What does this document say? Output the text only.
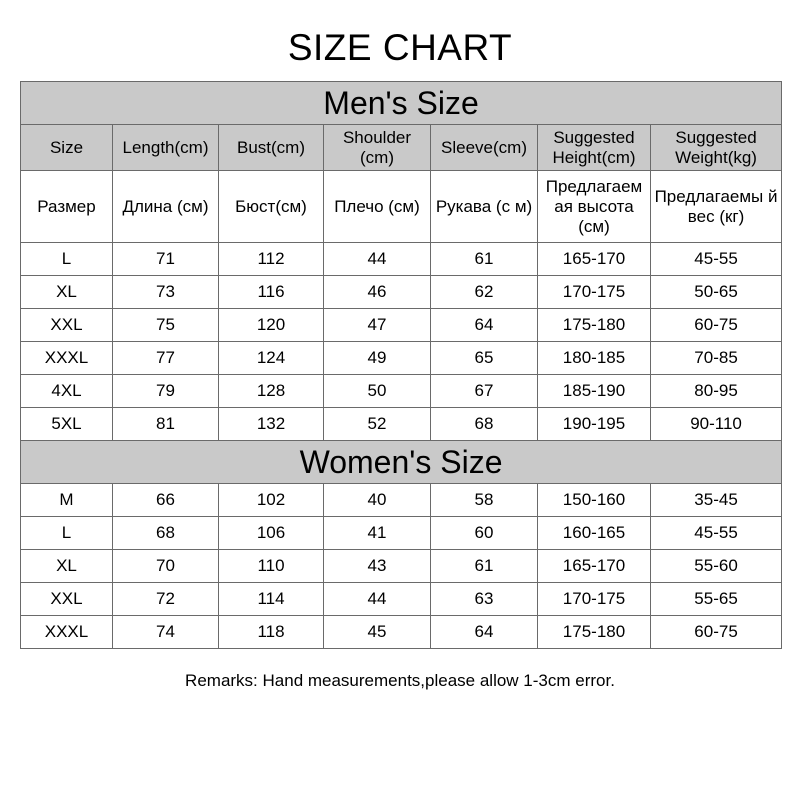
SIZE CHART
Men's Size						
Size	Length(cm)	Bust(cm)	Shoulder (cm)	Sleeve(cm)	Suggested Height(cm)	Suggested Weight(kg)
Размер	Длина (см)	Бюст(см)	Плечо (см)	Рукава (с м)	Предлагаем ая высота (см)	Предлагаемы й вес (кг)
L	71	112	44	61	165-170	45-55
XL	73	116	46	62	170-175	50-65
XXL	75	120	47	64	175-180	60-75
XXXL	77	124	49	65	180-185	70-85
4XL	79	128	50	67	185-190	80-95
5XL	81	132	52	68	190-195	90-110
Women's Size						
M	66	102	40	58	150-160	35-45
L	68	106	41	60	160-165	45-55
XL	70	110	43	61	165-170	55-60
XXL	72	114	44	63	170-175	55-65
XXXL	74	118	45	64	175-180	60-75
Remarks: Hand measurements,please allow 1-3cm error.
